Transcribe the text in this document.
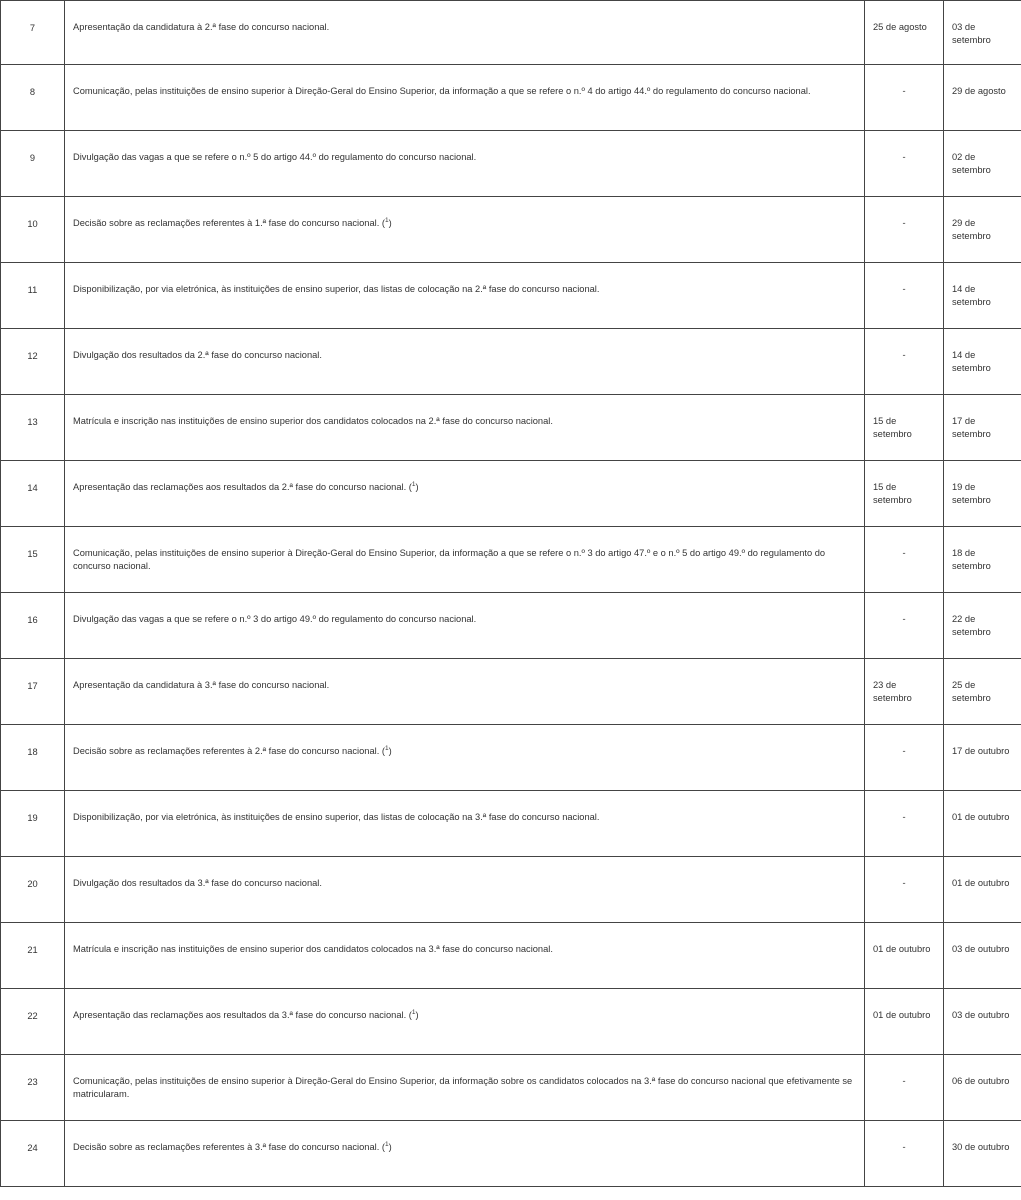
7	Apresentação da candidatura à 2.ª fase do concurso nacional.	25 de agosto	03 de setembro
8	Comunicação, pelas instituições de ensino superior à Direção-Geral do Ensino Superior, da informação a que se refere o n.º 4 do artigo 44.º do regulamento do concurso nacional.	-	29 de agosto
9	Divulgação das vagas a que se refere o n.º 5 do artigo 44.º do regulamento do concurso nacional.	-	02 de setembro
10	Decisão sobre as reclamações referentes à 1.ª fase do concurso nacional. ($^1$)	-	29 de setembro
11	Disponibilização, por via eletrónica, às instituições de ensino superior, das listas de colocação na 2.ª fase do concurso nacional.	-	14 de setembro
12	Divulgação dos resultados da 2.ª fase do concurso nacional.	-	14 de setembro
13	Matrícula e inscrição nas instituições de ensino superior dos candidatos colocados na 2.ª fase do concurso nacional.	15 de setembro	17 de setembro
14	Apresentação das reclamações aos resultados da 2.ª fase do concurso nacional. ($^1$)	15 de setembro	19 de setembro
15	Comunicação, pelas instituições de ensino superior à Direção-Geral do Ensino Superior, da informação a que se refere o n.º 3 do artigo 47.º e o n.º 5 do artigo 49.º do regulamento do concurso nacional.	-	18 de setembro
16	Divulgação das vagas a que se refere o n.º 3 do artigo 49.º do regulamento do concurso nacional.	-	22 de setembro
17	Apresentação da candidatura à 3.ª fase do concurso nacional.	23 de setembro	25 de setembro
18	Decisão sobre as reclamações referentes à 2.ª fase do concurso nacional. ($^1$)	-	17 de outubro
19	Disponibilização, por via eletrónica, às instituições de ensino superior, das listas de colocação na 3.ª fase do concurso nacional.	-	01 de outubro
20	Divulgação dos resultados da 3.ª fase do concurso nacional.	-	01 de outubro
21	Matrícula e inscrição nas instituições de ensino superior dos candidatos colocados na 3.ª fase do concurso nacional.	01 de outubro	03 de outubro
22	Apresentação das reclamações aos resultados da 3.ª fase do concurso nacional. ($^1$)	01 de outubro	03 de outubro
23	Comunicação, pelas instituições de ensino superior à Direção-Geral do Ensino Superior, da informação sobre os candidatos colocados na 3.ª fase do concurso nacional que efetivamente se matricularam.	-	06 de outubro
24	Decisão sobre as reclamações referentes à 3.ª fase do concurso nacional. ($^1$)	-	30 de outubro
